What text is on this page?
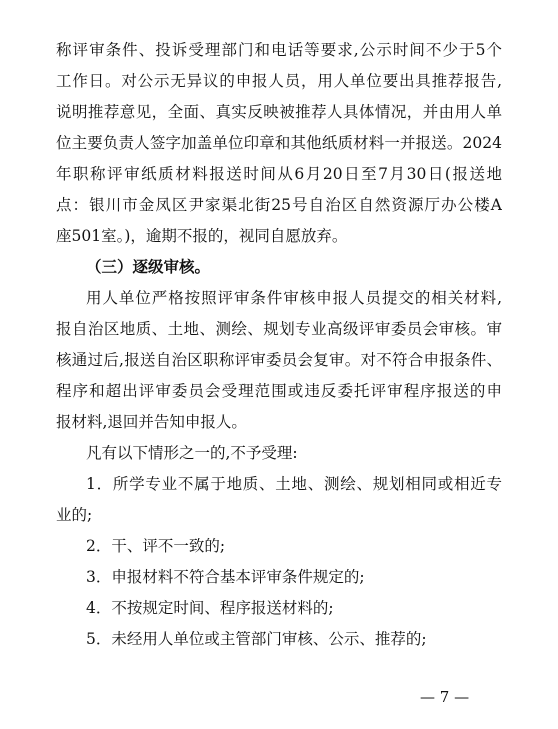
称评审条件、投诉受理部门和电话等要求,公示时间不少于5个
工作日。对公示无异议的申报人员，用人单位要出具推荐报告,
说明推荐意见，全面、真实反映被推荐人具体情况，并由用人单
位主要负责人签字加盖单位印章和其他纸质材料一并报送。2024
年职称评审纸质材料报送时间从6月20日至7月30日(报送地
点：银川市金凤区尹家渠北街25号自治区自然资源厅办公楼A
座501室。)，逾期不报的，视同自愿放弃。
（三）逐级审核。
用人单位严格按照评审条件审核申报人员提交的相关材料,
报自治区地质、土地、测绘、规划专业高级评审委员会审核。审
核通过后,报送自治区职称评审委员会复审。对不符合申报条件、
程序和超出评审委员会受理范围或违反委托评审程序报送的申
报材料,退回并告知申报人。
凡有以下情形之一的,不予受理:
1．所学专业不属于地质、土地、测绘、规划相同或相近专
业的;
2．干、评不一致的;
3．申报材料不符合基本评审条件规定的;
4．不按规定时间、程序报送材料的;
5．未经用人单位或主管部门审核、公示、推荐的;
— 7 —
